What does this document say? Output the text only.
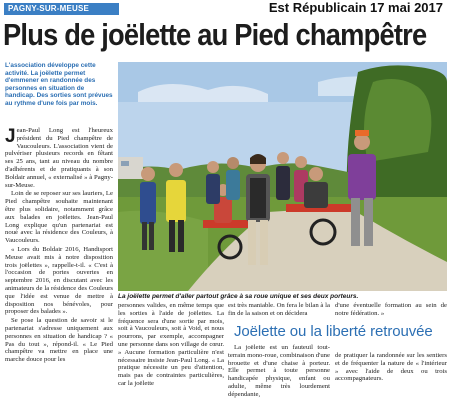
PAGNY-SUR-MEUSE	Est Républicain 17 mai 2017
Plus de joëlette au Pied champêtre
L'association développe cette activité. La joëlette permet d'emmener en randonnée des personnes en situation de handicap. Des sorties sont prévues au rythme d'une fois par mois.

Jean-Paul Long est l'heureux président du Pied champêtre de Vaucouleurs. L'association vient de pulvériser plusieurs records en fêtant ses 25 ans, tant au niveau du nombre d'adhérents et de pratiquants à son Boldair annuel, « externalisé » à Pagny-sur-Meuse.

Loin de se reposer sur ses lauriers, Le Pied champêtre souhaite maintenant être plus solidaire, notamment grâce aux balades en joëlettes. Jean-Paul Long explique qu'un partenariat est noué avec la résidence des Couleurs, à Vaucouleurs.

« Lors du Boldair 2016, Handisport Meuse avait mis à notre disposition trois joëlettes », rappelle-t-il. « C'est à l'occasion de portes ouvertes en septembre 2016, en discutant avec les animateurs de la résidence des Couleurs que l'idée est venue de mettre à disposition nos bénévoles, pour proposer des balades ».

Se pose la question de savoir si le partenariat s'adresse uniquement aux personnes en situation de handicap ? « Pas du tout », répond-il. « Le Pied champêtre va mettre en place une marche douce pour les

La joëlette permet d'aller partout grâce à sa roue unique et ses deux porteurs.

personnes valides, en même temps que les sorties à l'aide de joëlettes. La fréquence sera d'une sortie par mois, soit à Vaucouleurs, soit à Void, et nous pourrons, par exemple, accompagner une personne dans son village de cœur. » Aucune formation particulière n'est nécessaire insiste Jean-Paul Long. « La pratique nécessite un peu d'attention, mais pas de contraintes particulières, car la joëlette

est très maniable. On fera le bilan à la fin de la saison et on décidera

d'une éventuelle formation au sein de notre fédération. »

Joëlette ou la liberté retrouvée

La joëlette est un fauteuil tout-terrain mono-roue, combinaison d'une brouette et d'une chaise à porteur. Elle permet à toute personne handicapée physique, enfant ou adulte, même très lourdement dépendante,

de pratiquer la randonnée sur les sentiers et de fréquenter la nature de « l'intérieur » avec l'aide de deux ou trois accompagnateurs.
